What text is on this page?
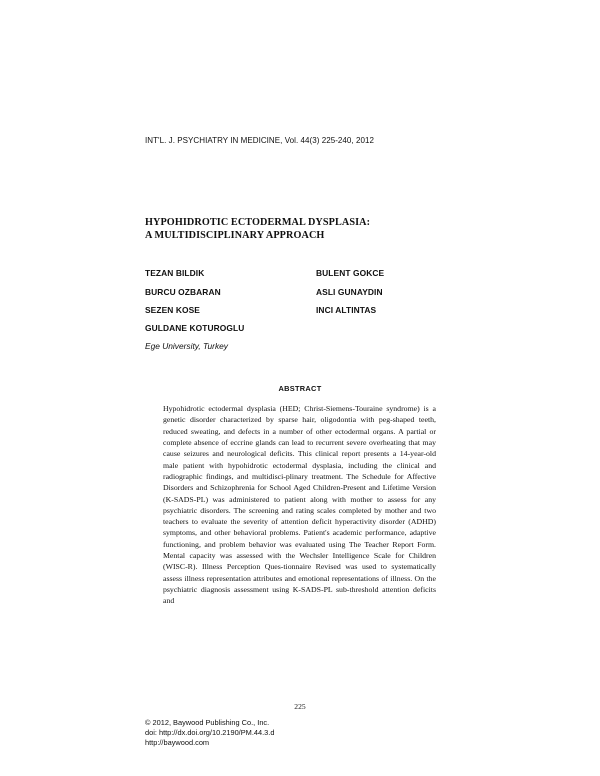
INT'L. J. PSYCHIATRY IN MEDICINE, Vol. 44(3) 225-240, 2012
HYPOHIDROTIC ECTODERMAL DYSPLASIA:
A MULTIDISCIPLINARY APPROACH
TEZAN BILDIK
BURCU OZBARAN
SEZEN KOSE
GULDANE KOTUROGLU
BULENT GOKCE
ASLI GUNAYDIN
INCI ALTINTAS
Ege University, Turkey
ABSTRACT
Hypohidrotic ectodermal dysplasia (HED; Christ-Siemens-Touraine syndrome) is a genetic disorder characterized by sparse hair, oligodontia with peg-shaped teeth, reduced sweating, and defects in a number of other ectodermal organs. A partial or complete absence of eccrine glands can lead to recurrent severe overheating that may cause seizures and neurological deficits. This clinical report presents a 14-year-old male patient with hypohidrotic ectodermal dysplasia, including the clinical and radiographic findings, and multidisci-plinary treatment. The Schedule for Affective Disorders and Schizophrenia for School Aged Children-Present and Lifetime Version (K-SADS-PL) was administered to patient along with mother to assess for any psychiatric disorders. The screening and rating scales completed by mother and two teachers to evaluate the severity of attention deficit hyperactivity disorder (ADHD) symptoms, and other behavioral problems. Patient's academic performance, adaptive functioning, and problem behavior was evaluated using The Teacher Report Form. Mental capacity was assessed with the Wechsler Intelligence Scale for Children (WISC-R). Illness Perception Ques-tionnaire Revised was used to systematically assess illness representation attributes and emotional representations of illness. On the psychiatric diagnosis assessment using K-SADS-PL sub-threshold attention deficits and
225
© 2012, Baywood Publishing Co., Inc.
doi: http://dx.doi.org/10.2190/PM.44.3.d
http://baywood.com
